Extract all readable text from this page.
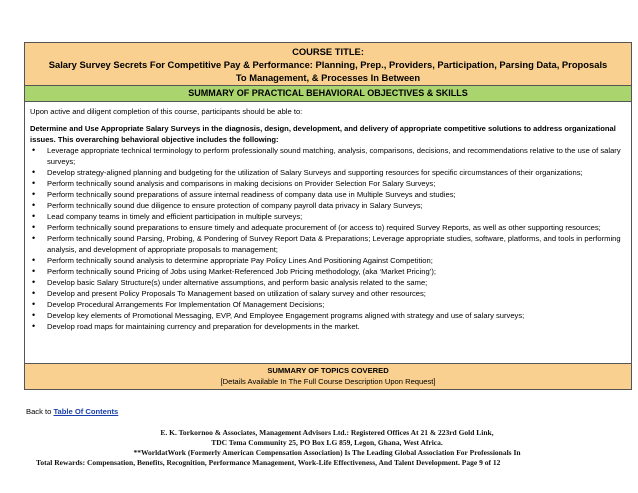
COURSE TITLE:
Salary Survey Secrets For Competitive Pay & Performance: Planning, Prep., Providers, Participation, Parsing Data, Proposals
To Management, & Processes In Between
SUMMARY OF PRACTICAL BEHAVIORAL OBJECTIVES & SKILLS

Upon active and diligent completion of this course, participants should be able to:

Determine and Use Appropriate Salary Surveys in the diagnosis, design, development, and delivery of appropriate competitive solutions to address organizational issues. This overarching behavioral objective includes the following:

• Leverage appropriate technical terminology to perform professionally sound matching, analysis, comparisons, decisions, and recommendations relative to the use of salary surveys;
• Develop strategy-aligned planning and budgeting for the utilization of Salary Surveys and supporting resources for specific circumstances of their organizations;
• Perform technically sound analysis and comparisons in making decisions on Provider Selection For Salary Surveys;
• Perform technically sound preparations of assure internal readiness of company data use in Multiple Surveys and studies;
• Perform technically sound due diligence to ensure protection of company payroll data privacy in Salary Surveys;
• Lead company teams in timely and efficient participation in multiple surveys;
• Perform technically sound preparations to ensure timely and adequate procurement of (or access to) required Survey Reports, as well as other supporting resources;
• Perform technically sound Parsing, Probing, & Pondering of Survey Report Data & Preparations; Leverage appropriate studies, software, platforms, and tools in performing analysis, and development of appropriate proposals to management;
• Perform technically sound analysis to determine appropriate Pay Policy Lines And Positioning Against Competition;
• Perform technically sound Pricing of Jobs using Market-Referenced Job Pricing methodology, (aka ‘Market Pricing’);
• Develop basic Salary Structure(s) under alternative assumptions, and perform basic analysis related to the same;
• Develop and present Policy Proposals To Management based on utilization of salary survey and other resources;
• Develop Procedural Arrangements For Implementation Of Management Decisions;
• Develop key elements of Promotional Messaging, EVP, And Employee Engagement programs aligned with strategy and use of salary surveys;
• Develop road maps for maintaining currency and preparation for developments in the market.
SUMMARY OF TOPICS COVERED
[Details Available In The Full Course Description Upon Request]
Back to Table Of Contents
E. K. Torkornoo & Associates, Management Advisors Ltd.: Registered Offices At 21 & 223rd Gold Link,
TDC Tema Community 25, PO Box LG 859, Legon, Ghana, West Africa.
**WorldatWork (Formerly American Compensation Association) Is The Leading Global Association For Professionals In
Total Rewards: Compensation, Benefits, Recognition, Performance Management, Work-Life Effectiveness, And Talent Development. Page 9 of 12
